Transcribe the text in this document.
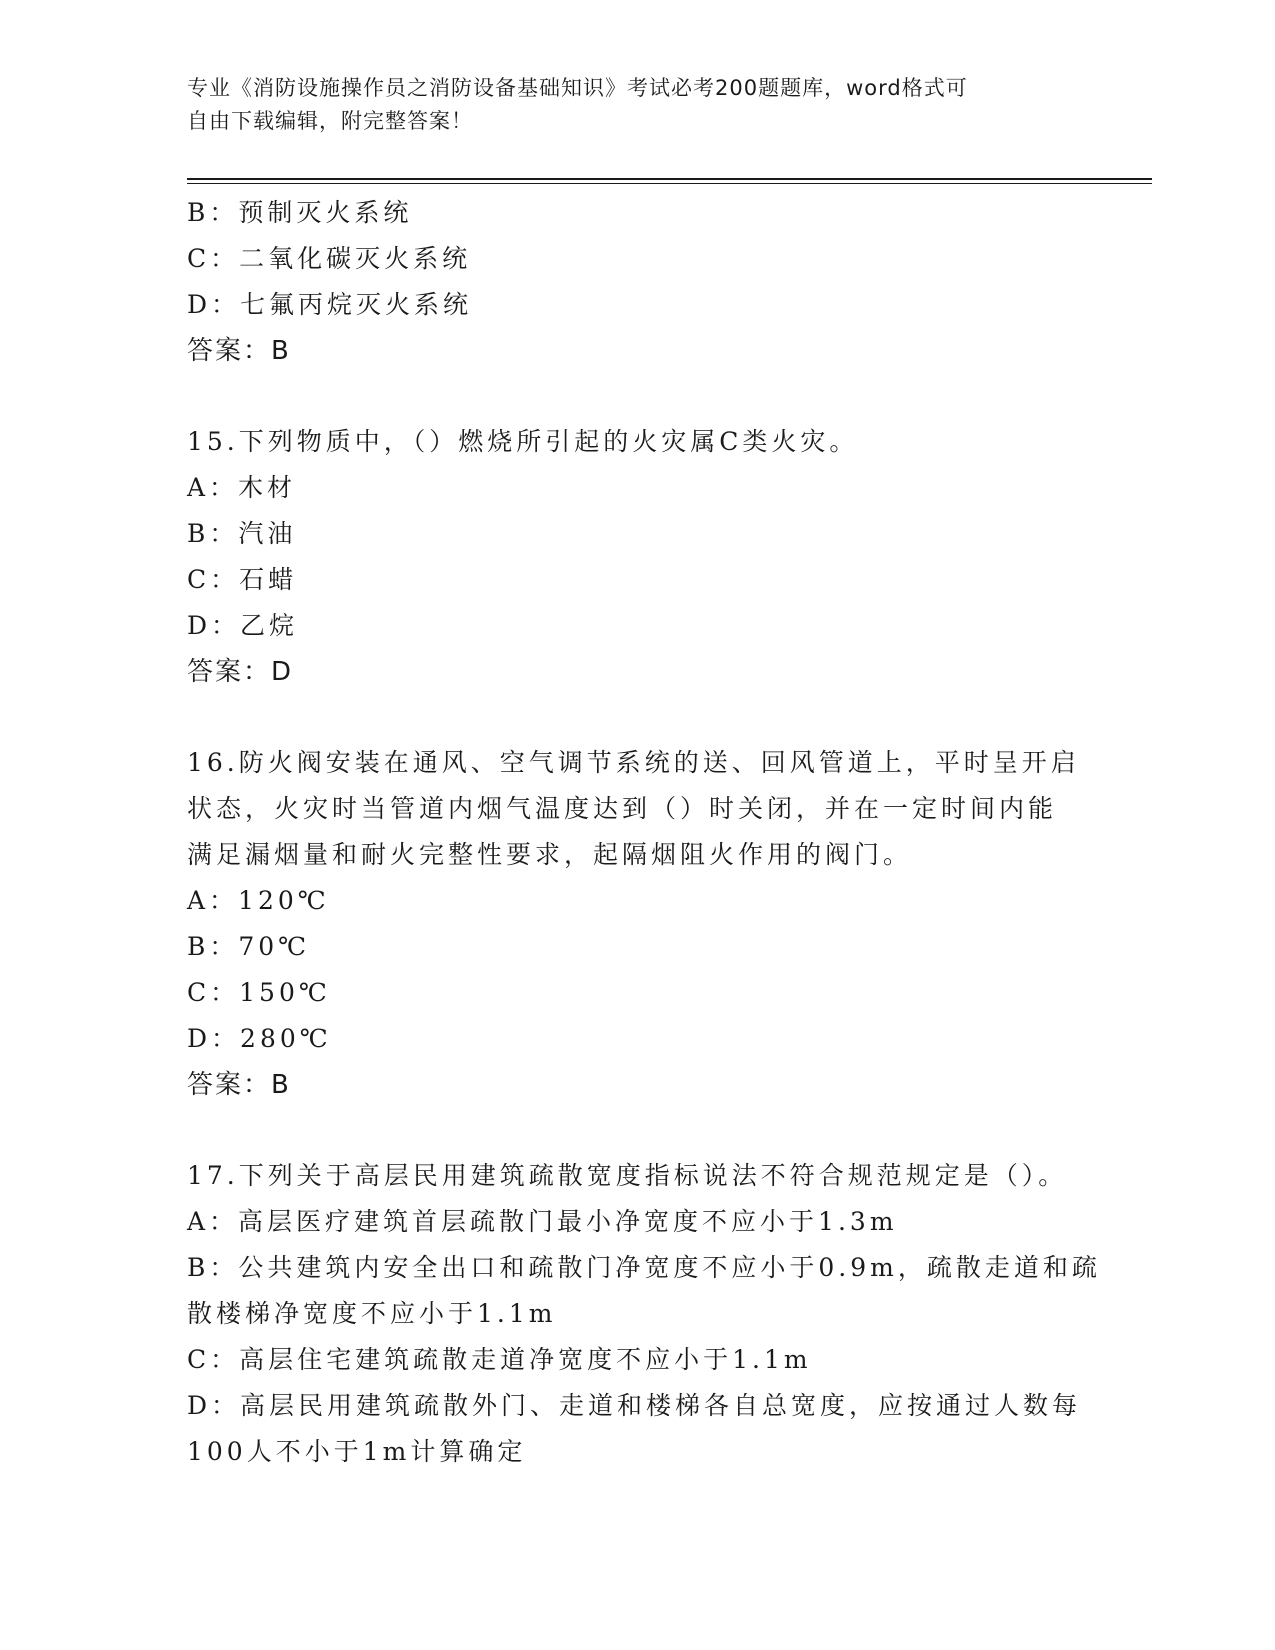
专业《消防设施操作员之消防设备基础知识》考试必考200题题库，word格式可
自由下载编辑，附完整答案！
B：预制灭火系统
C：二氧化碳灭火系统
D：七氟丙烷灭火系统
答案：B
15.下列物质中，（）燃烧所引起的火灾属C类火灾。
A：木材
B：汽油
C：石蜡
D：乙烷
答案：D
16.防火阀安装在通风、空气调节系统的送、回风管道上，平时呈开启
状态，火灾时当管道内烟气温度达到（）时关闭，并在一定时间内能
满足漏烟量和耐火完整性要求，起隔烟阻火作用的阀门。
A：120℃
B：70℃
C：150℃
D：280℃
答案：B
17.下列关于高层民用建筑疏散宽度指标说法不符合规范规定是（）。
A：高层医疗建筑首层疏散门最小净宽度不应小于1.3m
B：公共建筑内安全出口和疏散门净宽度不应小于0.9m，疏散走道和疏
散楼梯净宽度不应小于1.1m
C：高层住宅建筑疏散走道净宽度不应小于1.1m
D：高层民用建筑疏散外门、走道和楼梯各自总宽度，应按通过人数每
100人不小于1m计算确定
